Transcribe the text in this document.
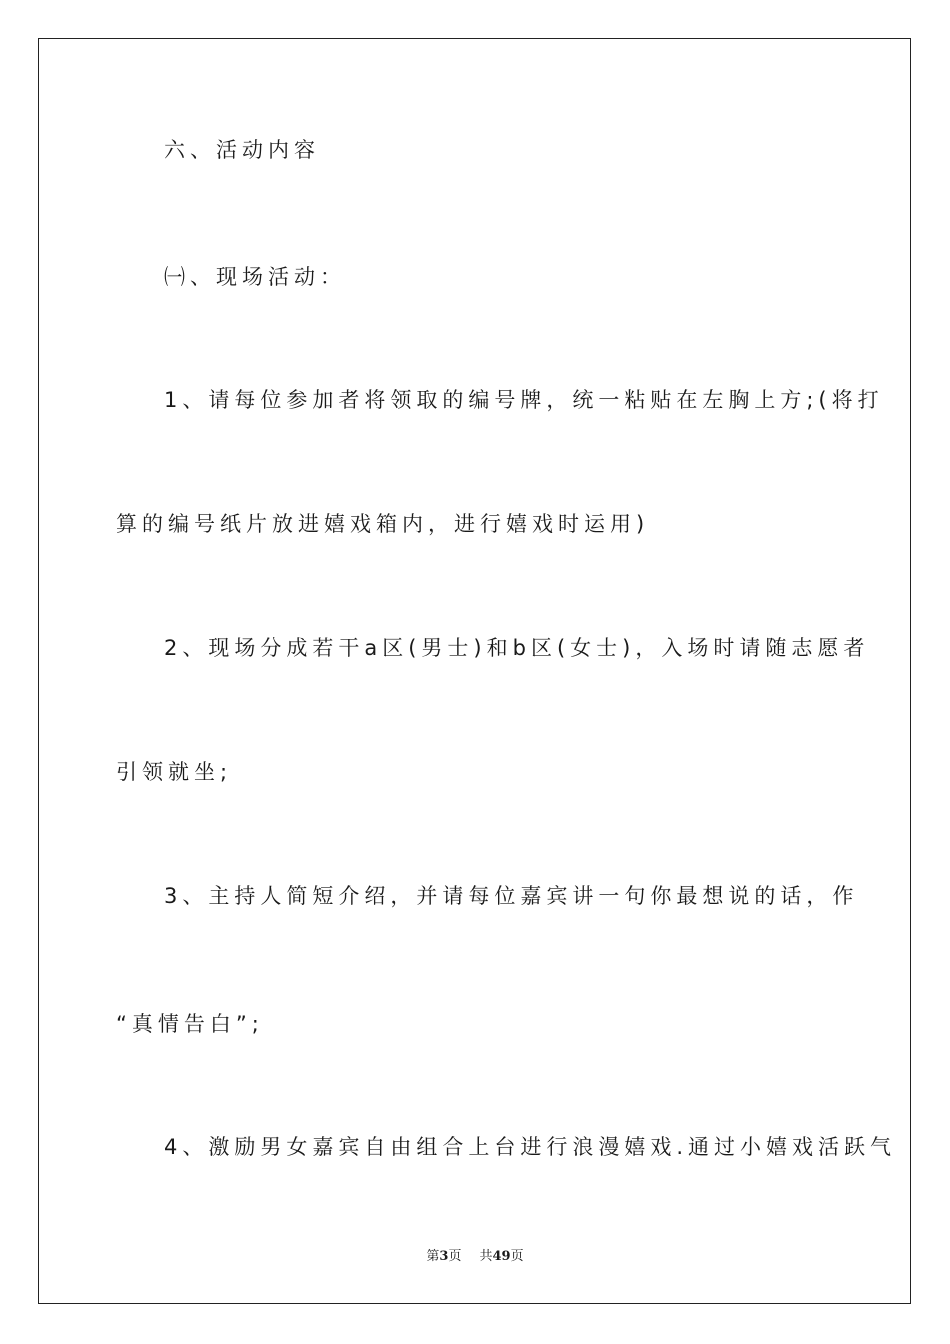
六、活动内容
㈠、现场活动：
1、请每位参加者将领取的编号牌，统一粘贴在左胸上方;(将打
算的编号纸片放进嬉戏箱内，进行嬉戏时运用)
2、现场分成若干a区(男士)和b区(女士)，入场时请随志愿者
引领就坐;
3、主持人简短介绍，并请每位嘉宾讲一句你最想说的话，作
“真情告白”;
4、激励男女嘉宾自由组合上台进行浪漫嬉戏.通过小嬉戏活跃气
第3页 共49页
